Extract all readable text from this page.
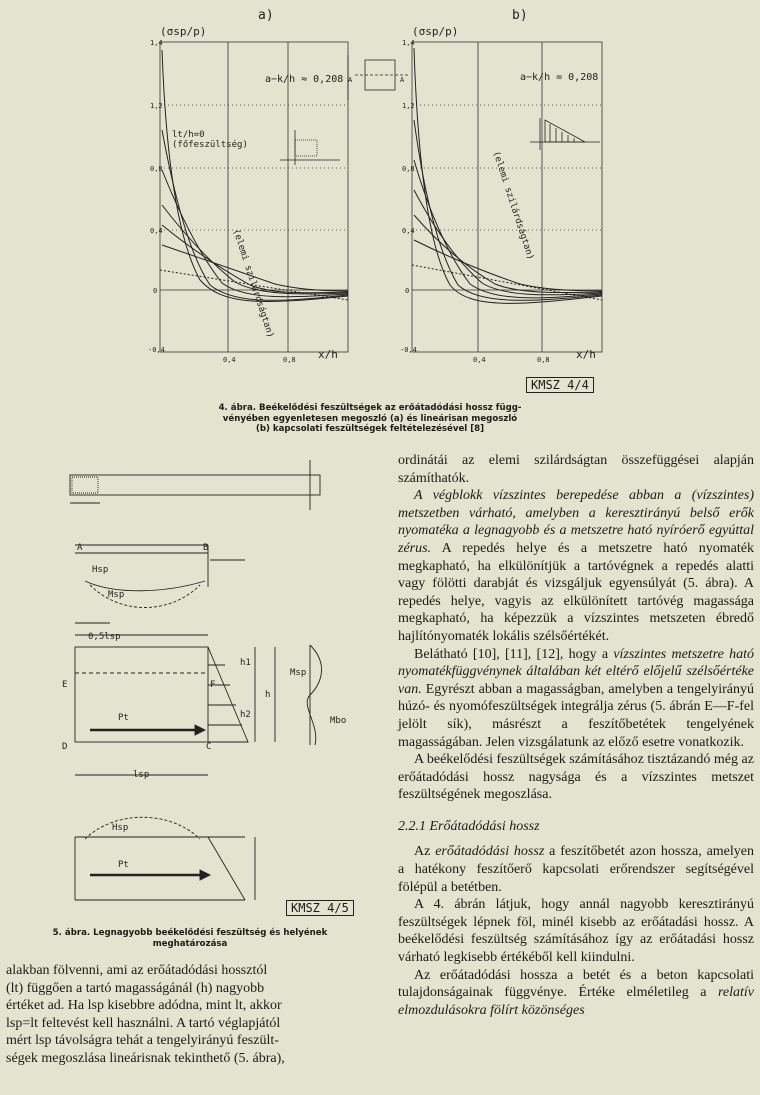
a)	b)
(σsp/p)	(σsp/p)
1,4
1,2
0,8
0,4
0
-0,4
0,4	0,8
A	A
1,4
1,2
0,8
0,4
0
-0,4
0,4	0,8
a−k/h ≈ 0,208	a−k/h = 0,208
lt/h=0 (főfeszültség)
(elemi szilárdságtan)
(elemi szilárdságtan)
x/h	x/h
KMSZ 4/4
4. ábra. Beékelődési feszültségek az erőátadódási hossz függ-
vényében egyenletesen megoszló (a) és lineárisan megoszló
(b) kapcsolati feszültségek feltételezésével [8]
A	B
E	F
D	C
Hsp
Msp
0,5lsp
lsp
h1
h2
h
Msp
Mbo
Pt
Hsp
Pt
KMSZ 4/5
5. ábra. Legnagyobb beékelődési feszültség és helyének
meghatározása

alakban fölvenni, ami az erőátadódási hossztól

(lt) függően a tartó magasságánál (h) nagyobb

értéket ad. Ha lsp kisebbre adódna, mint lt, akkor

lsp=lt feltevést kell használni. A tartó véglapjától

mért lsp távolságra tehát a tengelyirányú feszült-

ségek megoszlása lineárisnak tekinthető (5. ábra),

ordinátái az elemi szilárdságtan összefüggései alapján számíthatók.

A végblokk vízszintes berepedése abban a (vízszintes) metszetben várható, amelyben a keresztirányú belső erők nyomatéka a legnagyobb és a metszetre ható nyíróerő egyúttal zérus. A repedés helye és a metszetre ható nyomaték megkapható, ha elkülönítjük a tartóvégnek a repedés alatti vagy fölötti darabját és vizsgáljuk egyensúlyát (5. ábra). A repedés helye, vagyis az elkülönített tartóvég magassága megkapható, ha képezzük a vízszintes metszeten ébredő hajlítónyomaték lokális szélsőértékét.

Belátható [10], [11], [12], hogy a vízszintes metszetre ható nyomatékfüggvénynek általában két eltérő előjelű szélsőértéke van. Egyrészt abban a magasságban, amelyben a tengelyirányú húzó- és nyomófeszültségek integrálja zérus (5. ábrán E—F-fel jelölt sík), másrészt a feszítőbetétek tengelyének magasságában. Jelen vizsgálatunk az előző esetre vonatkozik.

A beékelődési feszültségek számításához tisztázandó még az erőátadódási hossz nagysága és a vízszintes metszet feszültségének megoszlása.

2.2.1 Erőátadódási hossz

Az erőátadódási hossz a feszítőbetét azon hossza, amelyen a hatékony feszítőerő kapcsolati erőrendszer segítségével fölépül a betétben.

A 4. ábrán látjuk, hogy annál nagyobb keresztirányú feszültségek lépnek föl, minél kisebb az erőátadási hossz. A beékelődési feszültség számításához így az erőátadási hossz várható legkisebb értékéből kell kiindulni.

Az erőátadódási hossza a betét és a beton kapcsolati tulajdonságainak függvénye. Értéke elméletileg a relatív elmozdulásokra fölírt közönséges
